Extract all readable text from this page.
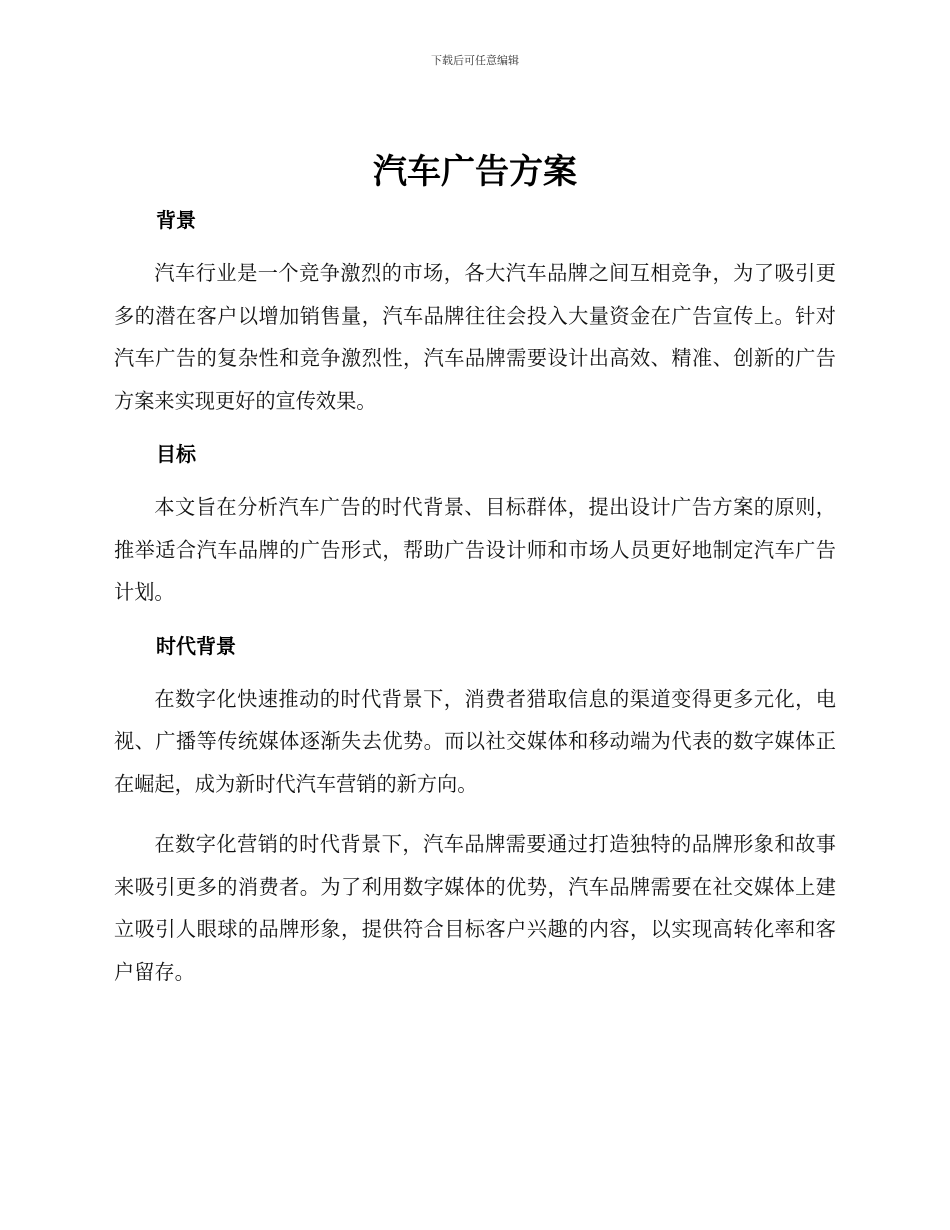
下载后可任意编辑
汽车广告方案
背景

汽车行业是一个竞争激烈的市场，各大汽车品牌之间互相竞争，为了吸引更多的潜在客户以增加销售量，汽车品牌往往会投入大量资金在广告宣传上。针对汽车广告的复杂性和竞争激烈性，汽车品牌需要设计出高效、精准、创新的广告方案来实现更好的宣传效果。

目标

本文旨在分析汽车广告的时代背景、目标群体，提出设计广告方案的原则，推举适合汽车品牌的广告形式，帮助广告设计师和市场人员更好地制定汽车广告计划。

时代背景

在数字化快速推动的时代背景下，消费者猎取信息的渠道变得更多元化，电视、广播等传统媒体逐渐失去优势。而以社交媒体和移动端为代表的数字媒体正在崛起，成为新时代汽车营销的新方向。

在数字化营销的时代背景下，汽车品牌需要通过打造独特的品牌形象和故事来吸引更多的消费者。为了利用数字媒体的优势，汽车品牌需要在社交媒体上建立吸引人眼球的品牌形象，提供符合目标客户兴趣的内容，以实现高转化率和客户留存。
